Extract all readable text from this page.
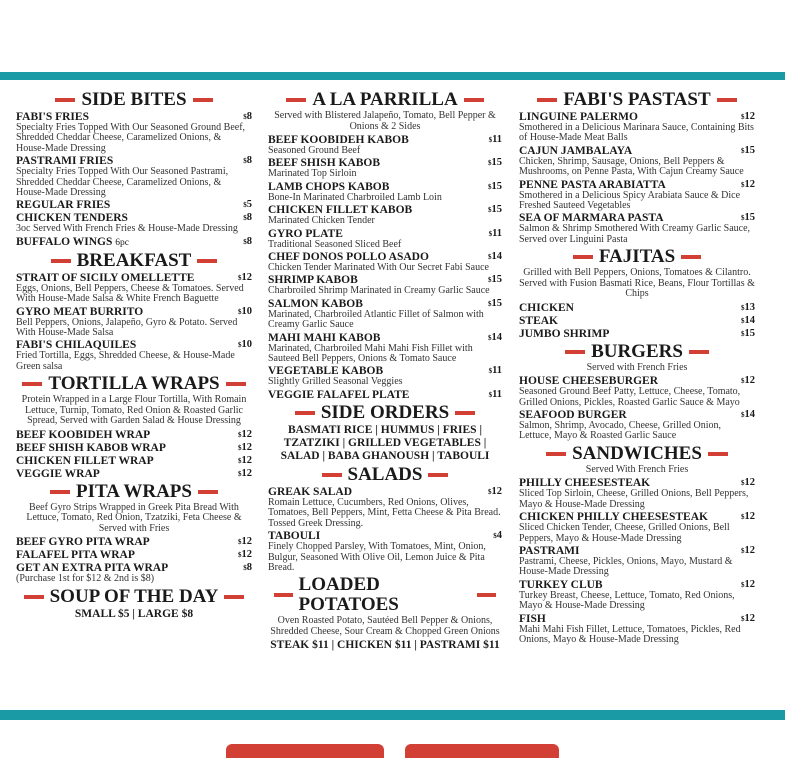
SIDE BITES
FABI'S FRIES	$8
Specialty Fries Topped With Our Seasoned Ground Beef, Shredded Cheddar Cheese, Caramelized Onions, & House-Made Dressing
PASTRAMI FRIES	$8
Specialty Fries Topped With Our Seasoned Pastrami, Shredded Cheddar Cheese, Caramelized Onions, & House-Made Dressing
REGULAR FRIES	$5
CHICKEN TENDERS	$8
3oc Served With French Fries & House-Made Dressing
BUFFALO WINGS 6pc	$8
BREAKFAST
STRAIT OF SICILY OMELLETTE	$12
Eggs, Onions, Bell Peppers, Cheese & Tomatoes. Served With House-Made Salsa & White French Baguette
GYRO MEAT BURRITO	$10
Bell Peppers, Onions, Jalapeño, Gyro & Potato. Served With House-Made Salsa
FABI'S CHILAQUILES	$10
Fried Tortilla, Eggs, Shredded Cheese, & House-Made Green salsa
TORTILLA WRAPS
Protein Wrapped in a Large Flour Tortilla, With Romain Lettuce, Turnip, Tomato, Red Onion & Roasted Garlic Spread, Served with Garden Salad & House Dressing
BEEF KOOBIDEH WRAP	$12
BEEF SHISH KABOB WRAP	$12
CHICKEN FILLET WRAP	$12
VEGGIE WRAP	$12
PITA WRAPS
Beef Gyro Strips Wrapped in Greek Pita Bread With Lettuce, Tomato, Red Onion, Tzatziki, Feta Cheese & Served with Fries
BEEF GYRO PITA WRAP	$12
FALAFEL PITA WRAP	$12
GET AN EXTRA PITA WRAP	$8
(Purchase 1st for $12 & 2nd is $8)
SOUP OF THE DAY
SMALL $5 | LARGE $8
A LA PARRILLA
Served with Blistered Jalapeño, Tomato, Bell Pepper & Onions & 2 Sides
BEEF KOOBIDEH KABOB	$11
Seasoned Ground Beef
BEEF SHISH KABOB	$15
Marinated Top Sirloin
LAMB CHOPS KABOB	$15
Bone-In Marinated Charbroiled Lamb Loin
CHICKEN FILLET KABOB	$15
Marinated Chicken Tender
GYRO PLATE	$11
Traditional Seasoned Sliced Beef
CHEF DONOS POLLO ASADO	$14
Chicken Tender Marinated With Our Secret Fabi Sauce
SHRIMP KABOB	$15
Charbroiled Shrimp Marinated in Creamy Garlic Sauce
SALMON KABOB	$15
Marinated, Charbroiled Atlantic Fillet of Salmon with Creamy Garlic Sauce
MAHI MAHI KABOB	$14
Marinated, Charbroiled Mahi Mahi Fish Fillet with Sauteed Bell Peppers, Onions & Tomato Sauce
VEGETABLE KABOB	$11
Slightly Grilled Seasonal Veggies
VEGGIE FALAFEL PLATE	$11
SIDE ORDERS
BASMATI RICE | HUMMUS | FRIES |
TZATZIKI | GRILLED VEGETABLES |
SALAD | BABA GHANOUSH | TABOULI
SALADS
GREAK SALAD	$12
Romain Lettuce, Cucumbers, Red Onions, Olives, Tomatoes, Bell Peppers, Mint, Fetta Cheese & Pita Bread. Tossed Greek Dressing.
TABOULI	$4
Finely Chopped Parsley, With Tomatoes, Mint, Onion, Bulgur, Seasoned With Olive Oil, Lemon Juice & Pita Bread.
LOADED POTATOES
Oven Roasted Potato, Sautéed Bell Pepper & Onions, Shredded Cheese, Sour Cream & Chopped Green Onions
STEAK $11 | CHICKEN $11 | PASTRAMI $11
FABI'S PASTAST
LINGUINE PALERMO	$12
Smothered in a Delicious Marinara Sauce, Containing Bits of House-Made Meat Balls
CAJUN JAMBALAYA	$15
Chicken, Shrimp, Sausage, Onions, Bell Peppers & Mushrooms, on Penne Pasta, With Cajun Creamy Sauce
PENNE PASTA ARABIATTA	$12
Smothered in a Delicious Spicy Arabiata Sauce & Dice Freshed Sauteed Vegetables
SEA OF MARMARA PASTA	$15
Salmon & Shrimp Smothered With Creamy Garlic Sauce, Served over Linguini Pasta
FAJITAS
Grilled with Bell Peppers, Onions, Tomatoes & Cilantro. Served with Fusion Basmati Rice, Beans, Flour Tortillas & Chips
CHICKEN	$13
STEAK	$14
JUMBO SHRIMP	$15
BURGERS
Served with French Fries
HOUSE CHEESEBURGER	$12
Seasoned Ground Beef Patty, Lettuce, Cheese, Tomato, Grilled Onions, Pickles, Roasted Garlic Sauce & Mayo
SEAFOOD BURGER	$14
Salmon, Shrimp, Avocado, Cheese, Grilled Onion, Lettuce, Mayo & Roasted Garlic Sauce
SANDWICHES
Served With French Fries
PHILLY CHEESESTEAK	$12
Sliced Top Sirloin, Cheese, Grilled Onions, Bell Peppers, Mayo & House-Made Dressing
CHICKEN PHILLY CHEESESTEAK	$12
Sliced Chicken Tender, Cheese, Grilled Onions, Bell Peppers, Mayo & House-Made Dressing
PASTRAMI	$12
Pastrami, Cheese, Pickles, Onions, Mayo, Mustard & House-Made Dressing
TURKEY CLUB	$12
Turkey Breast, Cheese, Lettuce, Tomato, Red Onions, Mayo & House-Made Dressing
FISH	$12
Mahi Mahi Fish Fillet, Lettuce, Tomatoes, Pickles, Red Onions, Mayo & House-Made Dressing
